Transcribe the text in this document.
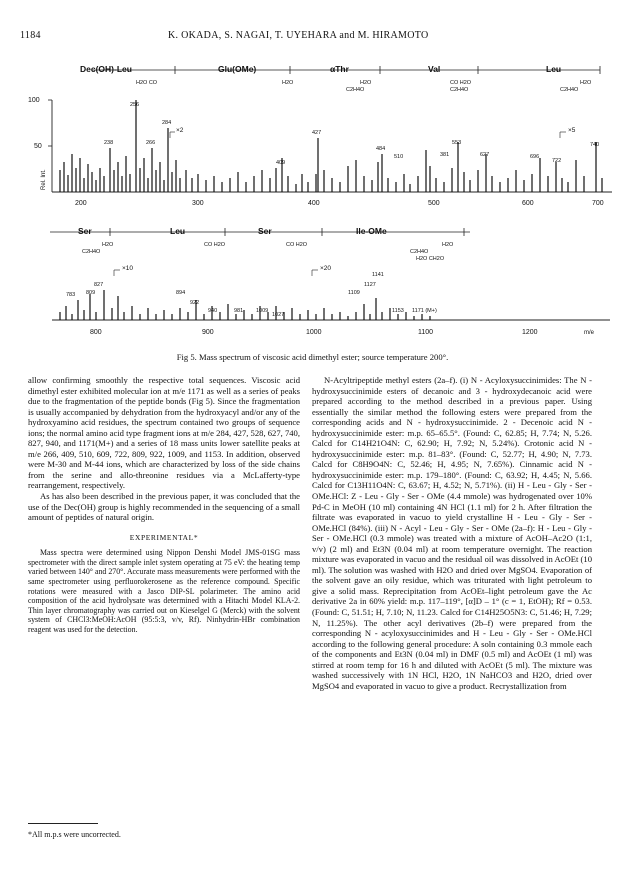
1184	K. OKADA, S. NAGAI, T. UYEHARA and M. HIRAMOTO
Dec(OH)-Leu	Glu(OMe)	αThr	Val	Leu
H2O CO	H2O	H2O
C2H4O
CO H2O
C2H4O
H2O
C2H4O
100
50
Rel. Int.
200	300	400	500	600	700
×2	×5
256
238	266
284
409
427
484
510	381
553
627	696
722
740
Ser	Leu	Ser	Ile-OMe
H2O
C2H4O
CO H2O	CO H2O	H2O
C2H4O
H2O CH2O
×10	×20
827
783 809	894
922
940	981 1009
1027
1109
1127
1141
1153 1171 (M+)
800	900	1000	1100	1200	m/e
Fig 5. Mass spectrum of viscosic acid dimethyl ester; source temperature 200°.

allow confirming smoothly the respective total sequences. Viscosic acid dimethyl ester exhibited molecular ion at m/e 1171 as well as a series of peaks due to the fragmentation of the peptide bonds (Fig 5). Since the fragmentation is usually accompanied by dehydration from the hydroxyacyl and/or any of the hydroxyamino acid residues, the spectrum contained two groups of sequence ions; the normal amino acid type fragment ions at m/e 284, 427, 528, 627, 740, 827, 940, and 1171(M+) and a series of 18 mass units lower satellite peaks at m/e 266, 409, 510, 609, 722, 809, 922, 1009, and 1153. In addition, observed were M-30 and M-44 ions, which are characterized by loss of the side chains from the serine and allo-threonine residues via a McLafferty-type rearrangement, respectively.

As has also been described in the previous paper, it was concluded that the use of the Dec(OH) group is highly recommended in the sequencing of a small amount of peptides of natural origin.

EXPERIMENTAL*

Mass spectra were determined using Nippon Denshi Model JMS-01SG mass spectrometer with the direct sample inlet system operating at 75 eV: the heating temp varied between 140° and 270°. Accurate mass measurements were performed with the same spectrometer using perfluorokerosene as the reference compound. Specific rotations were measured with a Jasco DIP-SL polarimeter. The amino acid composition of the acid hydrolysate was determined with a Hitachi Model KLA-2. Thin layer chromatography was carried out on Kieselgel G (Merck) with the solvent system of CHCl3:MeOH:AcOH (95:5:3, v/v, Rf). Ninhydrin-HBr combination reagent was used for the detection.

N-Acyltripeptide methyl esters (2a–f). (i) N - Acyloxysuccinimides: The N - hydroxysuccinimide esters of decanoic and 3 - hydroxydecanoic acid were prepared according to the method described in a previous paper. Using essentially the similar method the following esters were prepared from the corresponding acids and N - hydroxysuccinimide. 2 - Decenoic acid N - hydroxysuccinimide ester: m.p. 65–65.5°. (Found: C, 62.85; H, 7.74; N, 5.26. Calcd for C14H21O4N: C, 62.90; H, 7.92; N, 5.24%). Crotonic acid N - hydroxysuccinimide ester: m.p. 81–83°. (Found: C, 52.77; H, 4.90; N, 7.73. Calcd for C8H9O4N: C, 52.46; H, 4.95; N, 7.65%). Cinnamic acid N - hydroxysuccinimide ester: m.p. 179–180°. (Found: C, 63.92; H, 4.45; N, 5.66. Calcd for C13H11O4N: C, 63.67; H, 4.52; N, 5.71%). (ii) H - Leu - Gly - Ser - OMe.HCl: Z - Leu - Gly - Ser - OMe (4.4 mmole) was hydrogenated over 10% Pd-C in MeOH (10 ml) containing 4N HCl (1.1 ml) for 2 h. After filtration the filtrate was evaporated in vacuo to yield crystalline H - Leu - Gly - Ser - OMe.HCl (84%). (iii) N - Acyl - Leu - Gly - Ser - OMe (2a–f): H - Leu - Gly - Ser - OMe.HCl (0.3 mmole) was treated with a mixture of AcOH–Ac2O (1:1, v/v) (2 ml) and Et3N (0.04 ml) at room temperature overnight. The reaction mixture was evaporated in vacuo and the residual oil was dissolved in AcOEt (10 ml). The solution was washed with H2O and dried over MgSO4. Evaporation of the solvent gave an oily residue, which was triturated with light petroleum to give a solid mass. Reprecipitation from AcOEt–light petroleum gave the Ac derivative 2a in 60% yield: m.p. 117–119°, [α]D – 1° (c = 1, EtOH); Rf = 0.53. (Found: C, 51.51; H, 7.10; N, 11.23. Calcd for C14H25O5N3: C, 51.46; H, 7.29; N, 11.25%). The other acyl derivatives (2b–f) were prepared from the corresponding N - acyloxysuccinimides and H - Leu - Gly - Ser - OMe.HCl according to the following general procedure: A soln containing 0.3 mmole each of the components and Et3N (0.04 ml) in DMF (0.5 ml) and AcOEt (1 ml) was stirred at room temp for 16 h and diluted with AcOEt (5 ml). The mixture was washed successively with 1N HCl, H2O, 1N NaHCO3 and H2O, dried over MgSO4 and evaporated in vacuo to give a product. Recrystallization from

*All m.p.s were uncorrected.
